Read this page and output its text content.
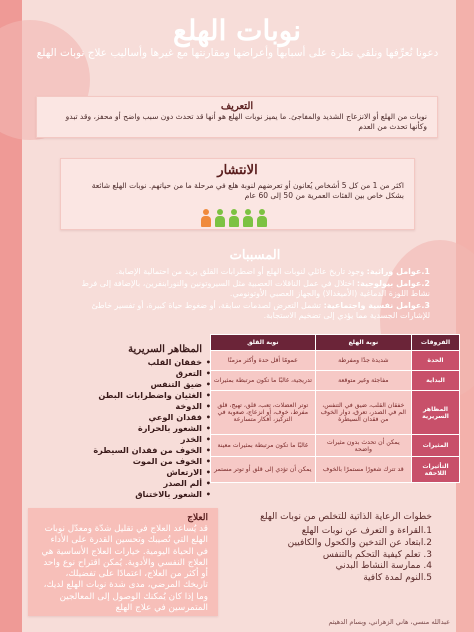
نوبات الهلع
دعونا نُعرِّفها ونلقي نظرة على أسبابها وأعراضها ومقارنتها مع غيرها وأساليب علاج نوبات الهلع
التعريف
نوبات من الهلع أو الانزعاج الشديد والمفاجئ. ما يميز نوبات الهلع هو أنها قد تحدث دون سبب واضح أو محفز، وقد تبدو وكأنها تحدث من العدم
الانتشار
اكثر من 1 من كل 5 أشخاص يُعانون أو تعرضهم لنوبة هلع في مرحلة ما من حياتهم. نوبات الهلع شائعة بشكل خاص بين الفئات العمرية من 50 إلى 60 عام
المسببات
1.عوامل وراثية: وجود تاريخ عائلي لنوبات الهلع أو اضطرابات القلق يزيد من احتمالية الإصابة.
2.عوامل بيولوجية: اختلال في عمل الناقلات العصبية مثل السيروتونين والنورابنفرين، بالإضافة إلى فرط نشاط اللوزة الدماغية (الأميغدالا) والجهاز العصبي الأوتونومي.
3.عوامل نفسية واجتماعية: تشمل التعرض لصدمات سابقة، أو ضغوط حياة كبيرة، أو تفسير خاطئ للإشارات الجسدية مما يؤدي إلى تضخيم الاستجابة.
الفروقات	نوبة الهلع	نوبة القلق
الحدة	شديدة جدًا ومفرطة	عمومًا أقل حدة وأكثر مزمنًا
البداية	مفاجئة وغير متوقعة	تدريجية، غالبًا ما تكون مرتبطة بمثيرات
المظاهر السريرية	خفقان القلب، ضيق في التنفس، الم في الصدر، تعرق، دوار الخوف من فقدان السيطرة	توتر العضلات، تعب، قلق، تهيج، قلق مفرط، خوف، أو انزعاج، صعوبة في التركيز، أفكار متسارعة
المثيرات	يمكن أن تحدث بدون مثيرات واضحة	غالبًا ما تكون مرتبطة بمثيرات معينة
التأثيرات اللاحقة	قد تترك شعورًا مستمرًا بالخوف	يمكن أن تؤدي إلى قلق أو توتر مستمر
المظاهر السريرية
• خفقان القلب
• التعرق
• ضيق التنفس
• الغثيان واضطرابات البطن
• الدوخة
• فقدان الوعي
• الشعور بالحرارة
• الخدر
• الخوف من فقدان السيطرة
• الخوف من الموت
• الارتعاش
• ألم الصدر
• الشعور بالاختناق
العلاج
قد يُساعد العلاج في تقليل شدّة ومعدّل نوبات الهلع التي تُصيبك وتحسين القدرة على الأداء في الحياة اليومية. خيارات العلاج الأساسية هي العلاج النفسي والأدوية. يُمكن اقتراح نوع واحد أو أكثر من العلاج، اعتمادًا على تفضيلك، تاريخك المرضي، مدى شدة نوبات الهلع لديك، وما إذا كان يُمكنك الوصول إلى المعالجين المتمرسين في علاج الهلع
خطوات الرعاية الذاتية للتخلص من نوبات الهلع
1.القراءة و التعرف عن نوبات الهلع
2.ابتعاد عن التدخين والكحول والكافيين
3. تعلم كيفية التحكم بالتنفس
4. ممارسة النشاط البدني
5.النوم لمدة كافية
عبدالله منسي، هاني الزهراني، وبسام الدهيثم
